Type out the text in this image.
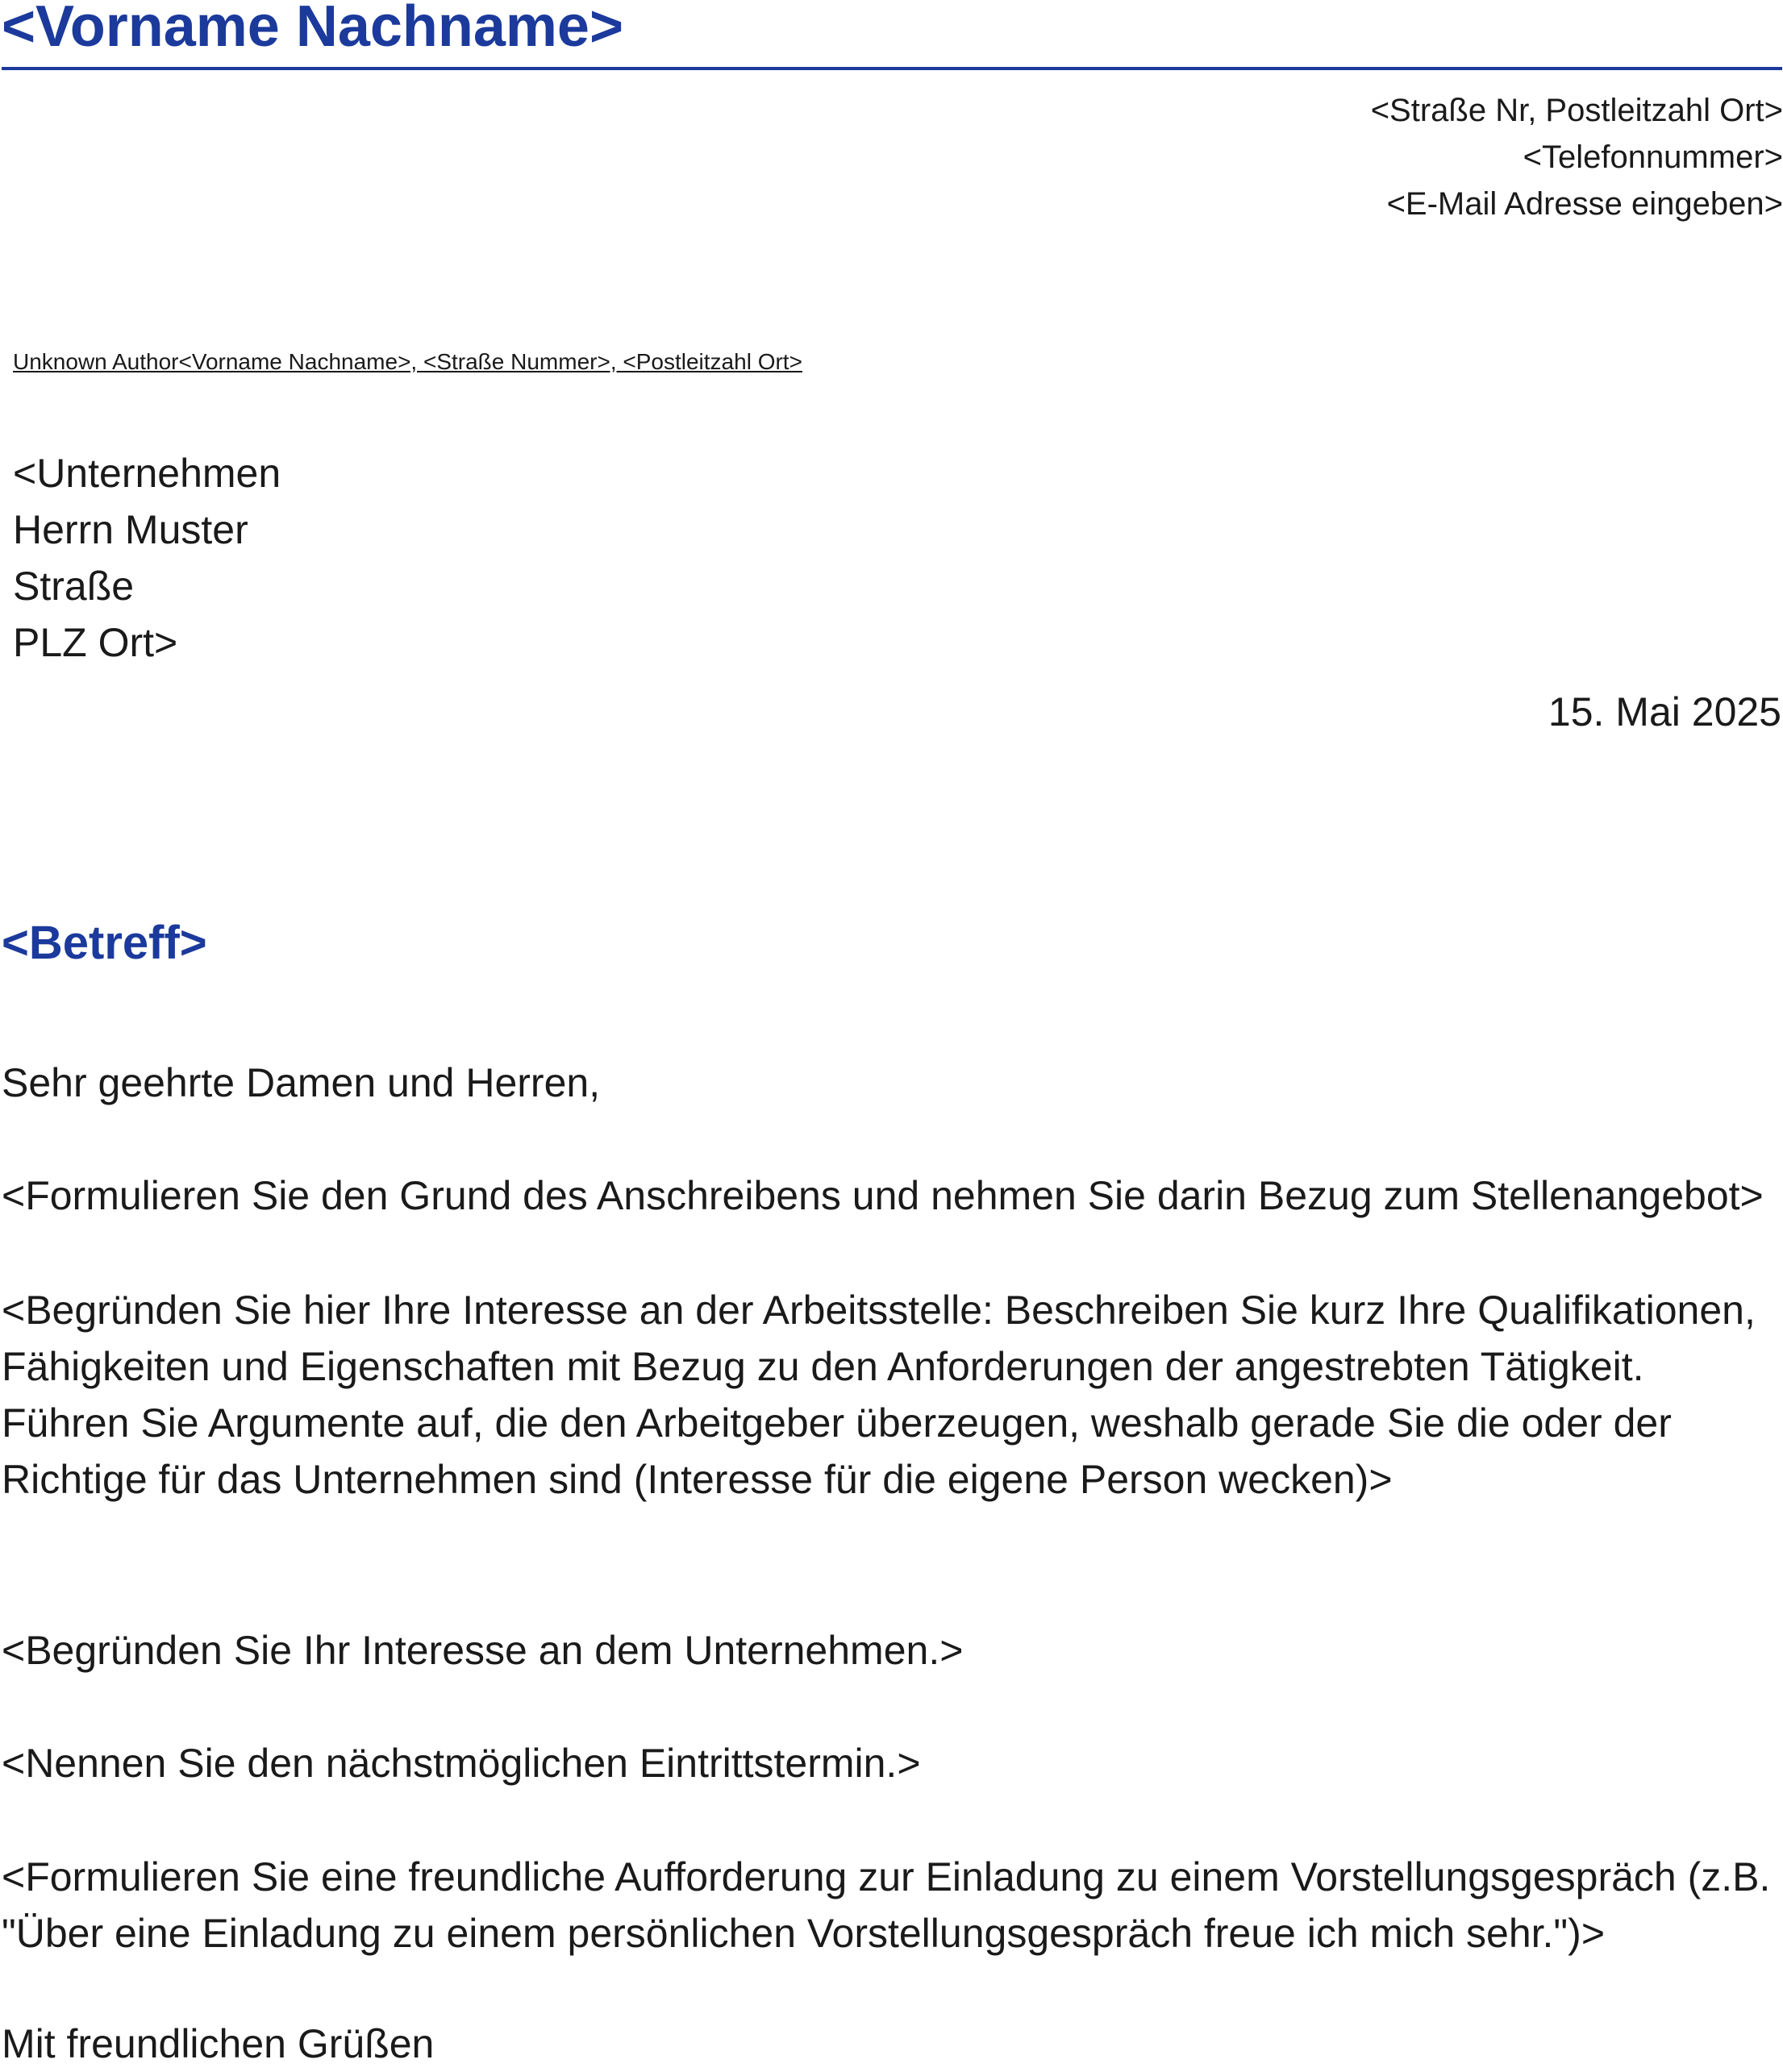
<Vorname Nachname>
<Straße Nr, Postleitzahl Ort>
<Telefonnummer>
<E-Mail Adresse eingeben>
Unknown Author<Vorname Nachname>, <Straße Nummer>, <Postleitzahl Ort>
<Unternehmen
Herrn Muster
Straße
PLZ Ort>
15. Mai 2025
<Betreff>
Sehr geehrte Damen und Herren,
<Formulieren Sie den Grund des Anschreibens und nehmen Sie darin Bezug zum Stellenangebot>
<Begründen Sie hier Ihre Interesse an der Arbeitsstelle: Beschreiben Sie kurz Ihre Qualifikationen, Fähigkeiten und Eigenschaften mit Bezug zu den Anforderungen der angestrebten Tätigkeit. Führen Sie Argumente auf, die den Arbeitgeber überzeugen, weshalb gerade Sie die oder der Richtige für das Unternehmen sind (Interesse für die eigene Person wecken)>
<Begründen Sie Ihr Interesse an dem Unternehmen.>
<Nennen Sie den nächstmöglichen Eintrittstermin.>
<Formulieren Sie eine freundliche Aufforderung zur Einladung zu einem Vorstellungsgespräch (z.B. "Über eine Einladung zu einem persönlichen Vorstellungsgespräch freue ich mich sehr.")>
Mit freundlichen Grüßen
